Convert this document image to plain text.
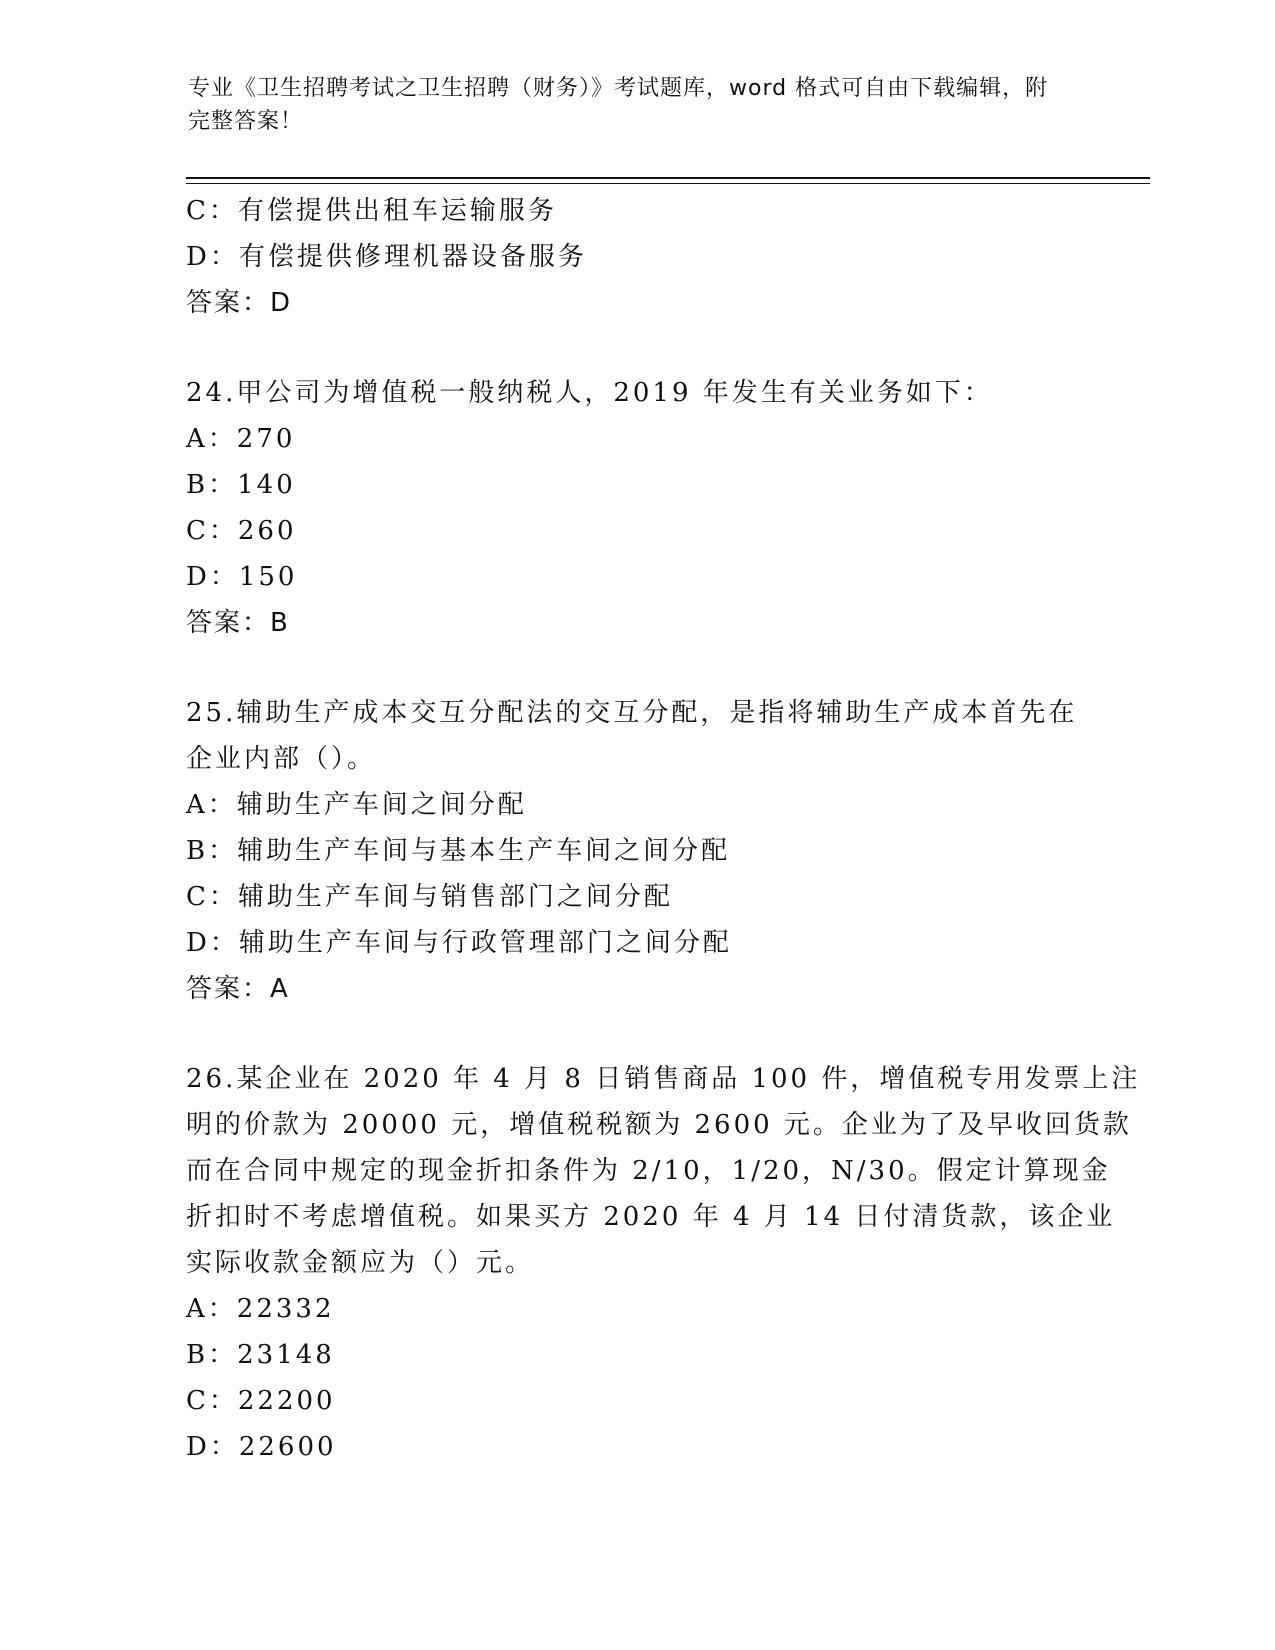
专业《卫生招聘考试之卫生招聘（财务）》考试题库，word 格式可自由下载编辑，附完整答案！
C：有偿提供出租车运输服务
D：有偿提供修理机器设备服务
答案：D
24.甲公司为增值税一般纳税人，2019 年发生有关业务如下：
A：270
B：140
C：260
D：150
答案：B
25.辅助生产成本交互分配法的交互分配，是指将辅助生产成本首先在
企业内部（）。
A：辅助生产车间之间分配
B：辅助生产车间与基本生产车间之间分配
C：辅助生产车间与销售部门之间分配
D：辅助生产车间与行政管理部门之间分配
答案：A
26.某企业在 2020 年 4 月 8 日销售商品 100 件，增值税专用发票上注
明的价款为 20000 元，增值税税额为 2600 元。企业为了及早收回货款
而在合同中规定的现金折扣条件为 2/10，1/20，N/30。假定计算现金
折扣时不考虑增值税。如果买方 2020 年 4 月 14 日付清货款，该企业
实际收款金额应为（）元。
A：22332
B：23148
C：22200
D：22600
